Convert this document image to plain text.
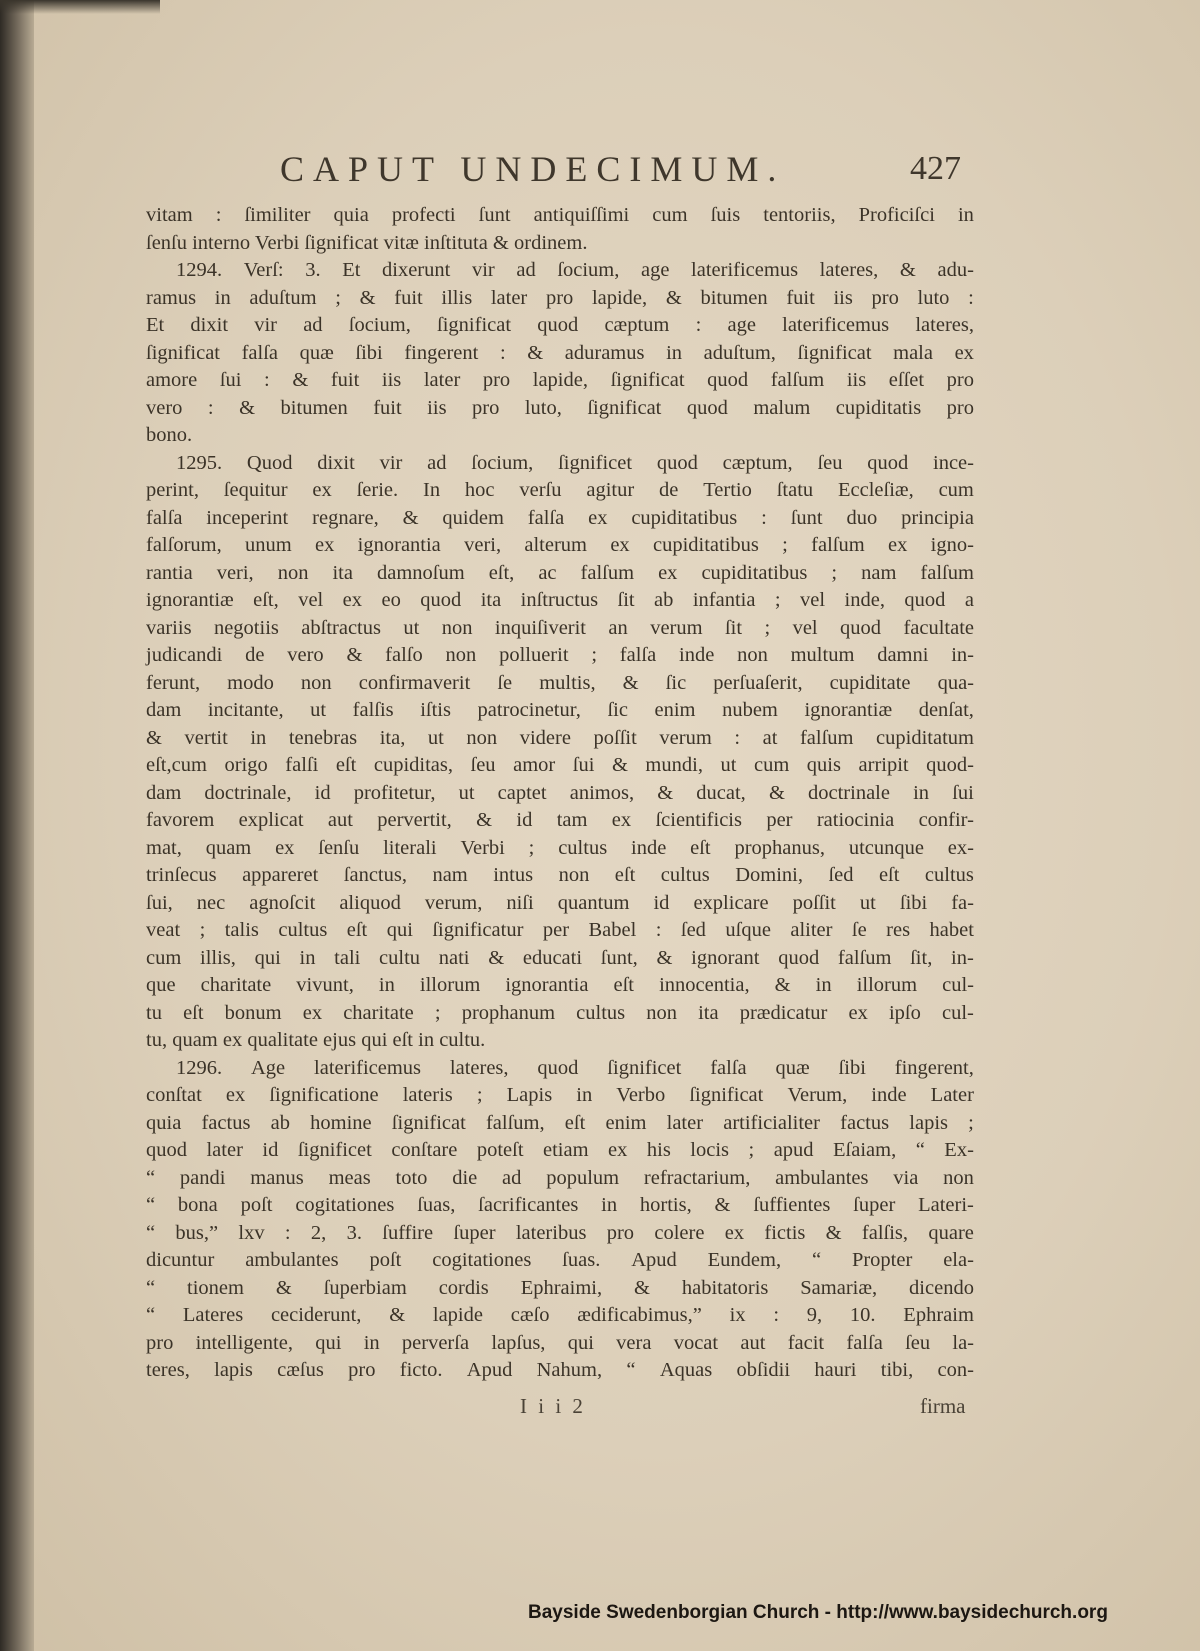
CAPUT UNDECIMUM.	427
vitam : ſimiliter quia profecti ſunt antiquiſſimi cum ſuis tentoriis, Proficiſci in
ſenſu interno Verbi ſignificat vitæ inſtituta & ordinem.
1294. Verſ: 3. Et dixerunt vir ad ſocium, age laterificemus lateres, & adu-
ramus in aduſtum ; & fuit illis later pro lapide, & bitumen fuit iis pro luto :
Et dixit vir ad ſocium, ſignificat quod cæptum : age laterificemus lateres,
ſignificat falſa quæ ſibi fingerent : & aduramus in aduſtum, ſignificat mala ex
amore ſui : & fuit iis later pro lapide, ſignificat quod falſum iis eſſet pro
vero : & bitumen fuit iis pro luto, ſignificat quod malum cupiditatis pro
bono.
1295. Quod dixit vir ad ſocium, ſignificet quod cæptum, ſeu quod ince-
perint, ſequitur ex ſerie. In hoc verſu agitur de Tertio ſtatu Eccleſiæ, cum
falſa inceperint regnare, & quidem falſa ex cupiditatibus : ſunt duo principia
falſorum, unum ex ignorantia veri, alterum ex cupiditatibus ; falſum ex igno-
rantia veri, non ita damnoſum eſt, ac falſum ex cupiditatibus ; nam falſum
ignorantiæ eſt, vel ex eo quod ita inſtructus ſit ab infantia ; vel inde, quod a
variis negotiis abſtractus ut non inquiſiverit an verum ſit ; vel quod facultate
judicandi de vero & falſo non polluerit ; falſa inde non multum damni in-
ferunt, modo non confirmaverit ſe multis, & ſic perſuaſerit, cupiditate qua-
dam incitante, ut falſis iſtis patrocinetur, ſic enim nubem ignorantiæ denſat,
& vertit in tenebras ita, ut non videre poſſit verum : at falſum cupiditatum
eſt,cum origo falſi eſt cupiditas, ſeu amor ſui & mundi, ut cum quis arripit quod-
dam doctrinale, id profitetur, ut captet animos, & ducat, & doctrinale in ſui
favorem explicat aut pervertit, & id tam ex ſcientificis per ratiocinia confir-
mat, quam ex ſenſu literali Verbi ; cultus inde eſt prophanus, utcunque ex-
trinſecus appareret ſanctus, nam intus non eſt cultus Domini, ſed eſt cultus
ſui, nec agnoſcit aliquod verum, niſi quantum id explicare poſſit ut ſibi fa-
veat ; talis cultus eſt qui ſignificatur per Babel : ſed uſque aliter ſe res habet
cum illis, qui in tali cultu nati & educati ſunt, & ignorant quod falſum ſit, in-
que charitate vivunt, in illorum ignorantia eſt innocentia, & in illorum cul-
tu eſt bonum ex charitate ; prophanum cultus non ita prædicatur ex ipſo cul-
tu, quam ex qualitate ejus qui eſt in cultu.
1296. Age laterificemus lateres, quod ſignificet falſa quæ ſibi fingerent,
conſtat ex ſignificatione lateris ; Lapis in Verbo ſignificat Verum, inde Later
quia factus ab homine ſignificat falſum, eſt enim later artificialiter factus lapis ;
quod later id ſignificet conſtare poteſt etiam ex his locis ; apud Eſaiam, “ Ex-
“ pandi manus meas toto die ad populum refractarium, ambulantes via non
“ bona poſt cogitationes ſuas, ſacrificantes in hortis, & ſuffientes ſuper Lateri-
“ bus,” lxv : 2, 3. ſuffire ſuper lateribus pro colere ex fictis & falſis, quare
dicuntur ambulantes poſt cogitationes ſuas. Apud Eundem, “ Propter ela-
“ tionem & ſuperbiam cordis Ephraimi, & habitatoris Samariæ, dicendo
“ Lateres ceciderunt, & lapide cæſo ædificabimus,” ix : 9, 10. Ephraim
pro intelligente, qui in perverſa lapſus, qui vera vocat aut facit falſa ſeu la-
teres, lapis cæſus pro ficto. Apud Nahum, “ Aquas obſidii hauri tibi, con-
I i i 2	firma
Bayside Swedenborgian Church - http://www.baysidechurch.org
